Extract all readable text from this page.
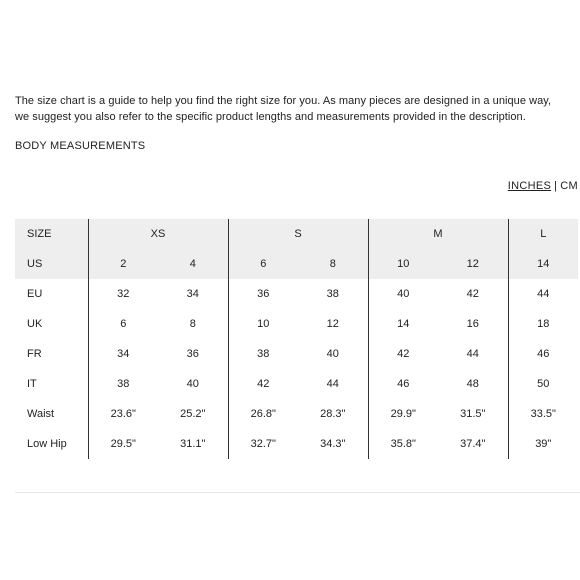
The size chart is a guide to help you find the right size for you. As many pieces are designed in a unique way,
we suggest you also refer to the specific product lengths and measurements provided in the description.

BODY MEASUREMENTS

INCHES | CM
SIZE	XS		S		M		L
US	2	4	6	8	10	12	14
EU	32	34	36	38	40	42	44
UK	6	8	10	12	14	16	18
FR	34	36	38	40	42	44	46
IT	38	40	42	44	46	48	50
Waist	23.6"	25.2"	26.8"	28.3"	29.9"	31.5"	33.5"
Low Hip	29.5"	31.1"	32.7"	34.3"	35.8"	37.4"	39"
